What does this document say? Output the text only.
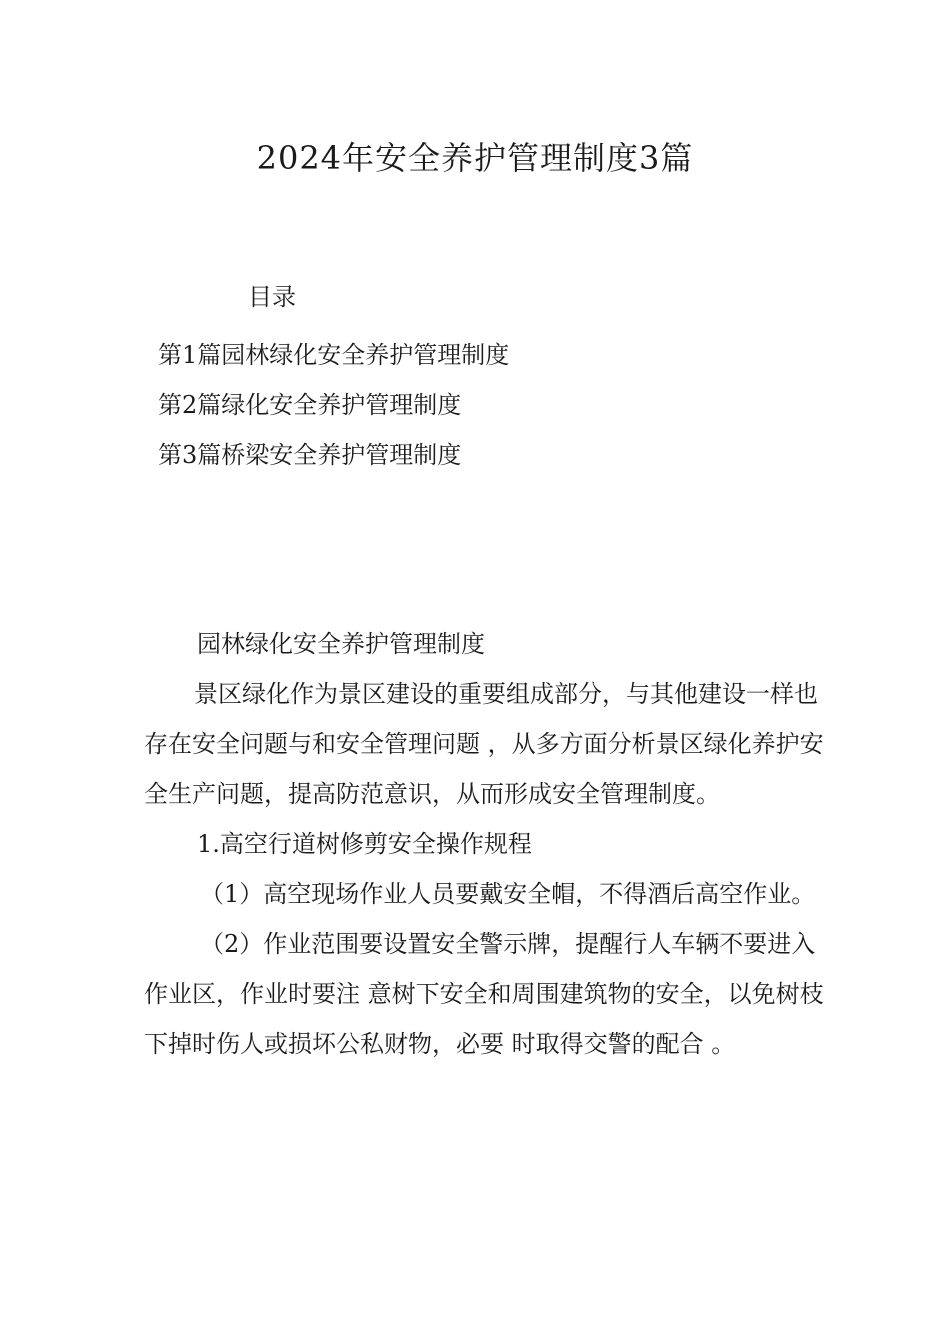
2024年安全养护管理制度3篇
目录
第1篇园林绿化安全养护管理制度
第2篇绿化安全养护管理制度
第3篇桥梁安全养护管理制度

园林绿化安全养护管理制度

景区绿化作为景区建设的重要组成部分，与其他建设一样也存在安全问题与和安全管理问题 ，从多方面分析景区绿化养护安全生产问题，提高防范意识，从而形成安全管理制度。

1.高空行道树修剪安全操作规程

（1）高空现场作业人员要戴安全帽，不得酒后高空作业。

（2）作业范围要设置安全警示牌，提醒行人车辆不要进入作业区，作业时要注 意树下安全和周围建筑物的安全，以免树枝下掉时伤人或损坏公私财物，必要 时取得交警的配合 。
